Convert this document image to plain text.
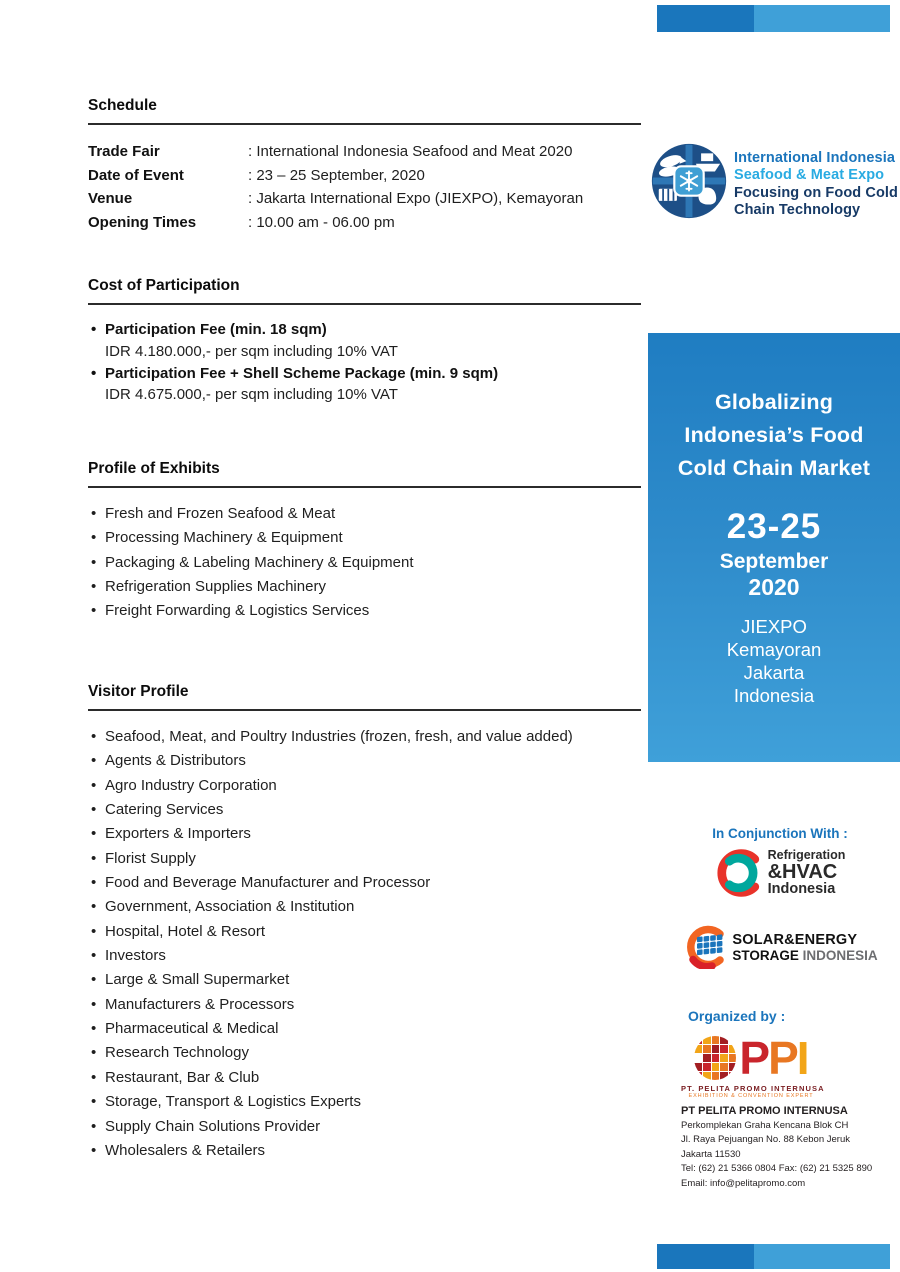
Schedule
Trade Fair	: International Indonesia Seafood and Meat 2020
Date of Event	: 23 – 25 September, 2020
Venue	: Jakarta International Expo (JIEXPO), Kemayoran
Opening Times	: 10.00 am - 06.00 pm
Cost of Participation
• Participation Fee (min. 18 sqm)
IDR 4.180.000,- per sqm including 10% VAT
• Participation Fee + Shell Scheme Package (min. 9 sqm)
IDR 4.675.000,- per sqm including 10% VAT
Profile of Exhibits
• Fresh and Frozen Seafood & Meat
• Processing Machinery & Equipment
• Packaging & Labeling Machinery & Equipment
• Refrigeration Supplies Machinery
• Freight Forwarding & Logistics Services
Visitor Profile
• Seafood, Meat, and Poultry Industries (frozen, fresh, and value added)
• Agents & Distributors
• Agro Industry Corporation
• Catering Services
• Exporters & Importers
• Florist Supply
• Food and Beverage Manufacturer and Processor
• Government, Association & Institution
• Hospital, Hotel & Resort
• Investors
• Large & Small Supermarket
• Manufacturers & Processors
• Pharmaceutical & Medical
• Research Technology
• Restaurant, Bar & Club
• Storage, Transport & Logistics Experts
• Supply Chain Solutions Provider
• Wholesalers & Retailers
International Indonesia
Seafood & Meat Expo
Focusing on Food Cold
Chain Technology
Globalizing
Indonesia’s Food
Cold Chain Market
23-25
September
2020
JIEXPO
Kemayoran
Jakarta
Indonesia
In Conjunction With :
Refrigeration
&HVAC
Indonesia
SOLAR&ENERGY
STORAGE INDONESIA
Organized by :
PPI
PT. PELITA PROMO INTERNUSA
EXHIBITION & CONVENTION EXPERT
PT PELITA PROMO INTERNUSA
Perkomplekan Graha Kencana Blok CH
Jl. Raya Pejuangan No. 88 Kebon Jeruk
Jakarta 11530
Tel: (62) 21 5366 0804 Fax: (62) 21 5325 890
Email: info@pelitapromo.com
